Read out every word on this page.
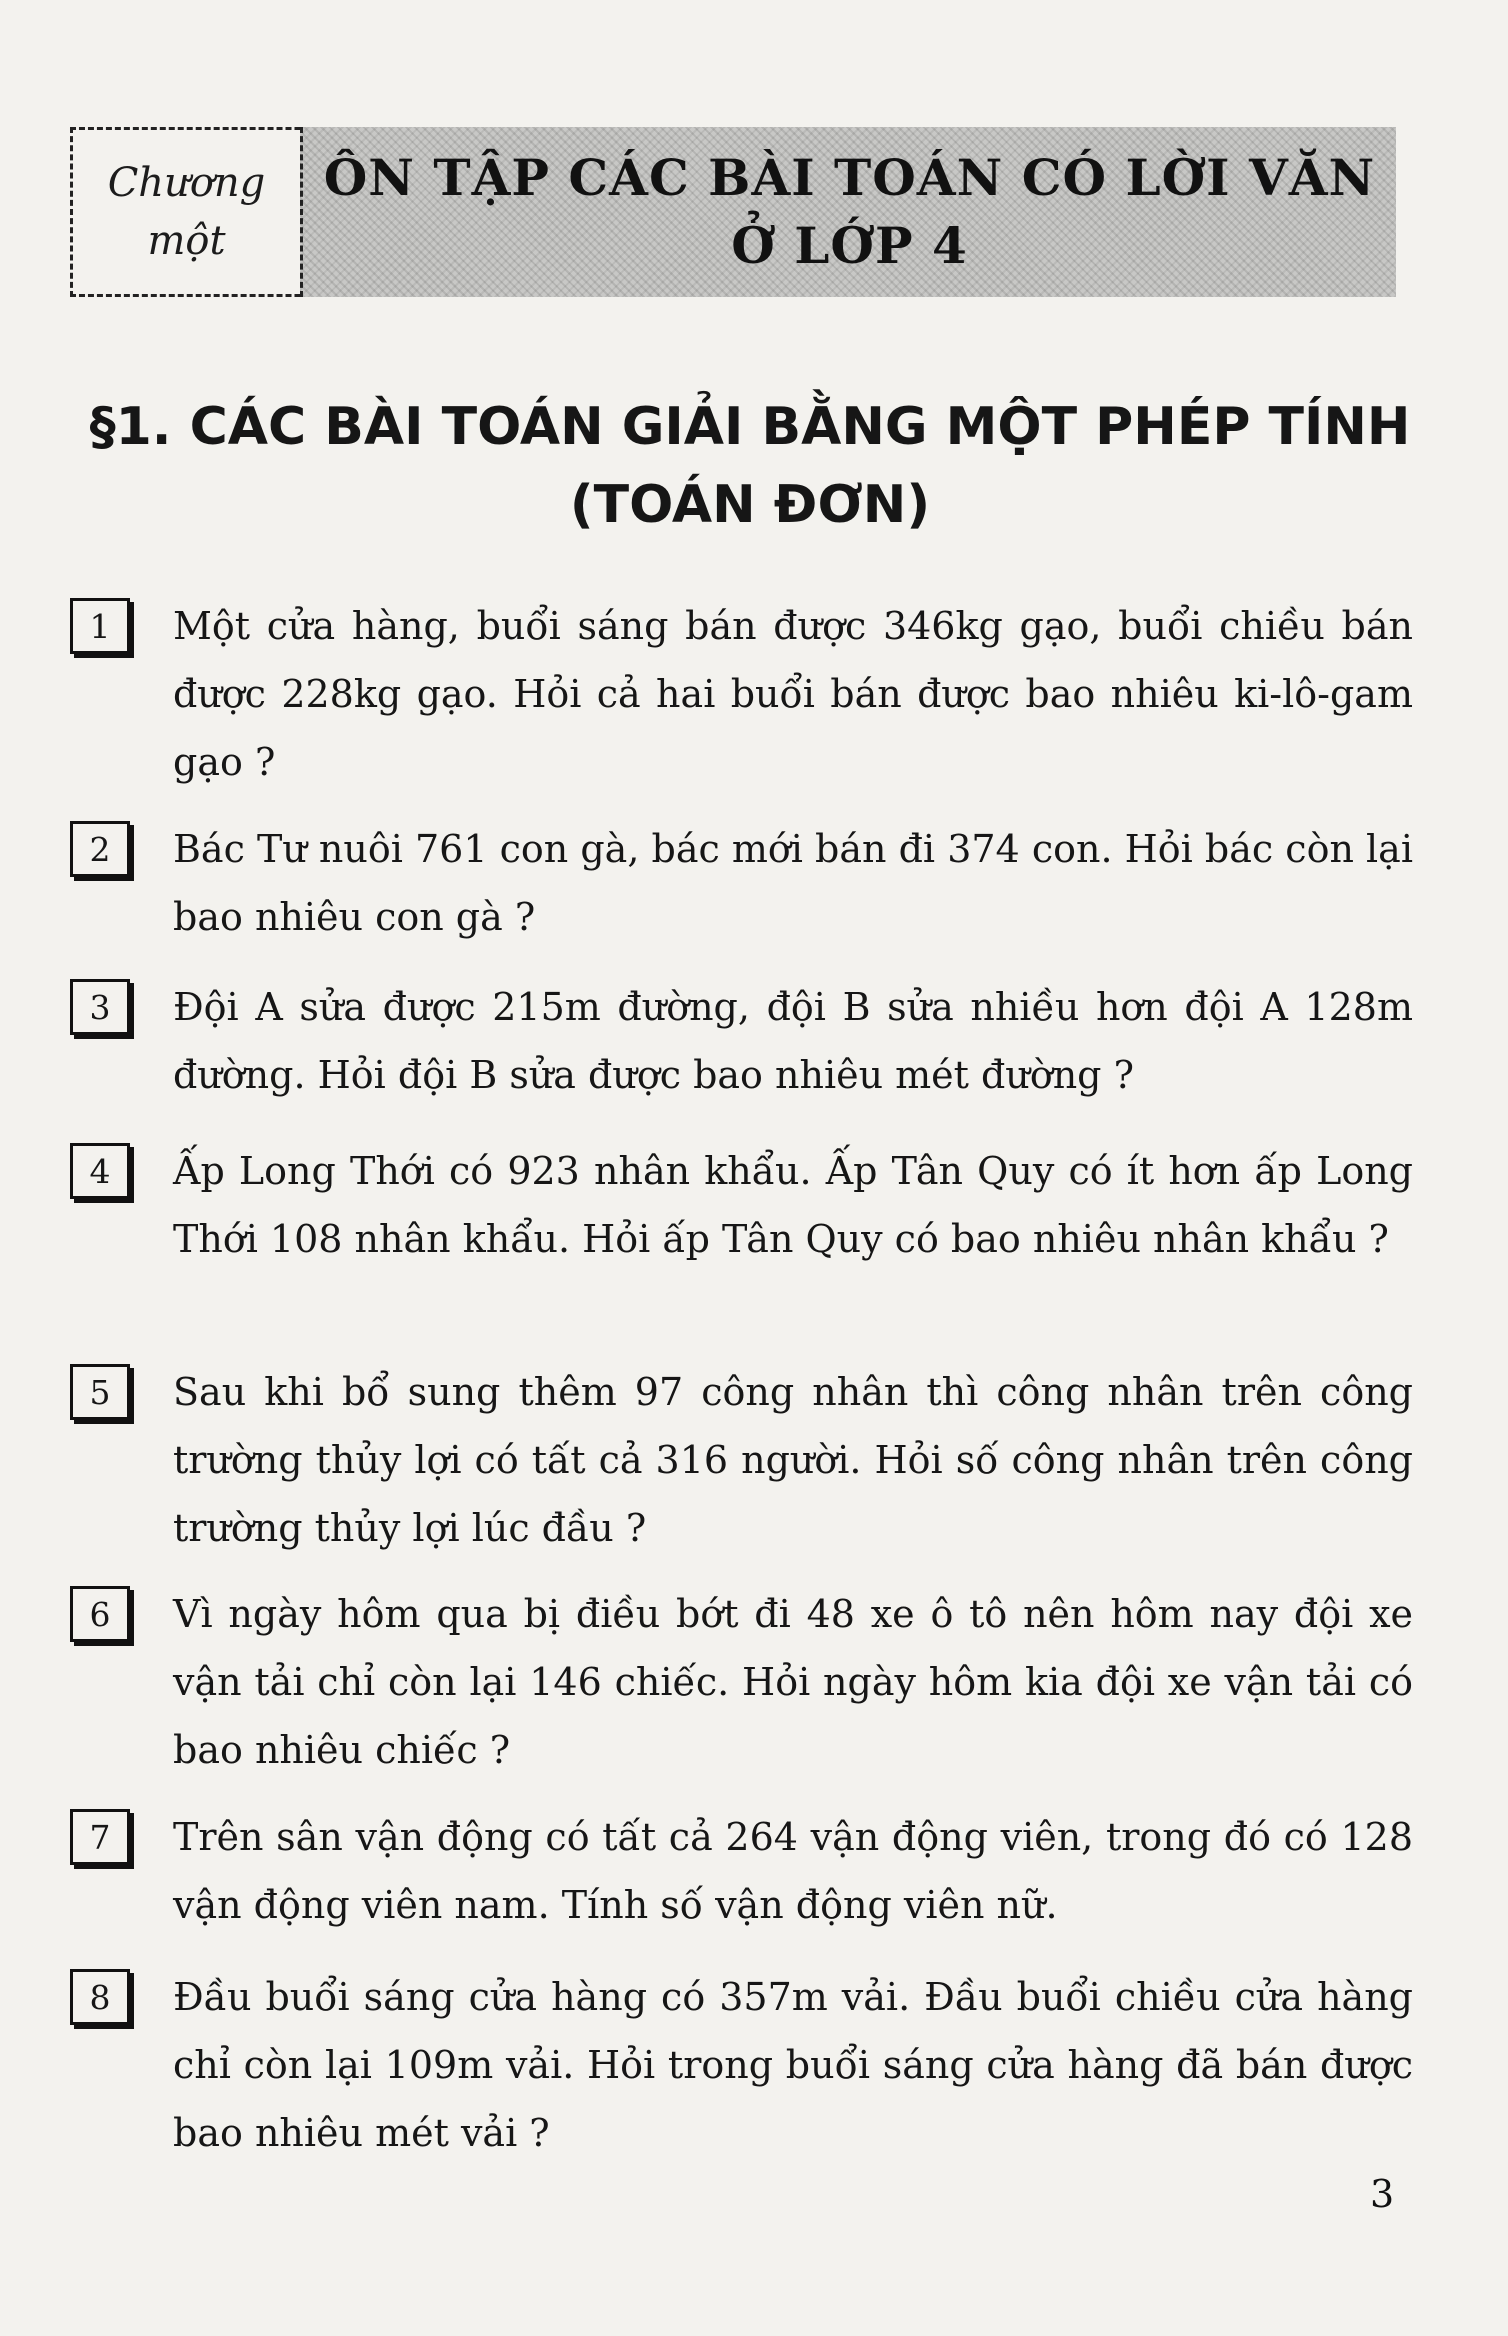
Chương
một
ÔN TẬP CÁC BÀI TOÁN CÓ LỜI VĂN
Ở LỚP 4
§1. CÁC BÀI TOÁN GIẢI BẰNG MỘT PHÉP TÍNH
(TOÁN ĐƠN)
1	Một cửa hàng, buổi sáng bán được 346kg gạo, buổi chiều bán được 228kg gạo. Hỏi cả hai buổi bán được bao nhiêu ki-lô-gam gạo ?
2	Bác Tư nuôi 761 con gà, bác mới bán đi 374 con. Hỏi bác còn lại bao nhiêu con gà ?
3	Đội A sửa được 215m đường, đội B sửa nhiều hơn đội A 128m đường. Hỏi đội B sửa được bao nhiêu mét đường ?
4	Ấp Long Thới có 923 nhân khẩu. Ấp Tân Quy có ít hơn ấp Long Thới 108 nhân khẩu. Hỏi ấp Tân Quy có bao nhiêu nhân khẩu ?
5	Sau khi bổ sung thêm 97 công nhân thì công nhân trên công trường thủy lợi có tất cả 316 người. Hỏi số công nhân trên công trường thủy lợi lúc đầu ?
6	Vì ngày hôm qua bị điều bớt đi 48 xe ô tô nên hôm nay đội xe vận tải chỉ còn lại 146 chiếc. Hỏi ngày hôm kia đội xe vận tải có bao nhiêu chiếc ?
7	Trên sân vận động có tất cả 264 vận động viên, trong đó có 128 vận động viên nam. Tính số vận động viên nữ.
8	Đầu buổi sáng cửa hàng có 357m vải. Đầu buổi chiều cửa hàng chỉ còn lại 109m vải. Hỏi trong buổi sáng cửa hàng đã bán được bao nhiêu mét vải ?
3
